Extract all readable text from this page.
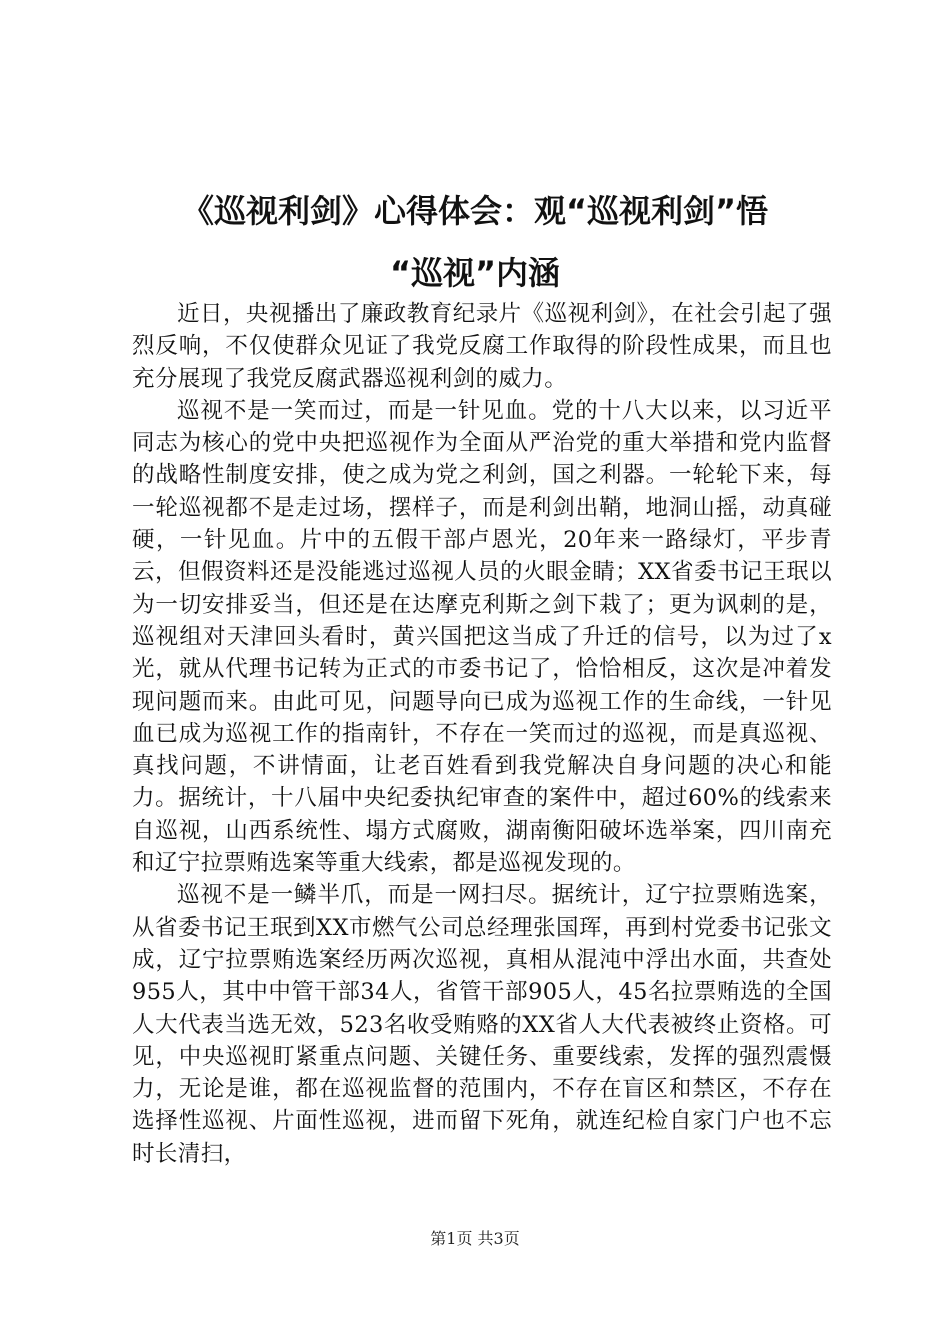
《巡视利剑》心得体会：观“巡视利剑”悟
“巡视”内涵

近日，央视播出了廉政教育纪录片《巡视利剑》，在社会引起了强烈反响，不仅使群众见证了我党反腐工作取得的阶段性成果，而且也充分展现了我党反腐武器巡视利剑的威力。

巡视不是一笑而过，而是一针见血。党的十八大以来，以习近平同志为核心的党中央把巡视作为全面从严治党的重大举措和党内监督的战略性制度安排，使之成为党之利剑，国之利器。一轮轮下来，每一轮巡视都不是走过场，摆样子，而是利剑出鞘，地洞山摇，动真碰硬，一针见血。片中的五假干部卢恩光，20年来一路绿灯，平步青云，但假资料还是没能逃过巡视人员的火眼金睛；XX省委书记王珉以为一切安排妥当，但还是在达摩克利斯之剑下栽了；更为讽刺的是，巡视组对天津回头看时，黄兴国把这当成了升迁的信号，以为过了x光，就从代理书记转为正式的市委书记了，恰恰相反，这次是冲着发现问题而来。由此可见，问题导向已成为巡视工作的生命线，一针见血已成为巡视工作的指南针，不存在一笑而过的巡视，而是真巡视、真找问题，不讲情面，让老百姓看到我党解决自身问题的决心和能力。据统计，十八届中央纪委执纪审查的案件中，超过60%的线索来自巡视，山西系统性、塌方式腐败，湖南衡阳破坏选举案，四川南充和辽宁拉票贿选案等重大线索，都是巡视发现的。

巡视不是一鳞半爪，而是一网扫尽。据统计，辽宁拉票贿选案，从省委书记王珉到XX市燃气公司总经理张国珲，再到村党委书记张文成，辽宁拉票贿选案经历两次巡视，真相从混沌中浮出水面，共查处955人，其中中管干部34人，省管干部905人，45名拉票贿选的全国人大代表当选无效，523名收受贿赂的XX省人大代表被终止资格。可见，中央巡视盯紧重点问题、关键任务、重要线索，发挥的强烈震慑力，无论是谁，都在巡视监督的范围内，不存在盲区和禁区，不存在选择性巡视、片面性巡视，进而留下死角，就连纪检自家门户也不忘时长清扫，

第1页 共3页
